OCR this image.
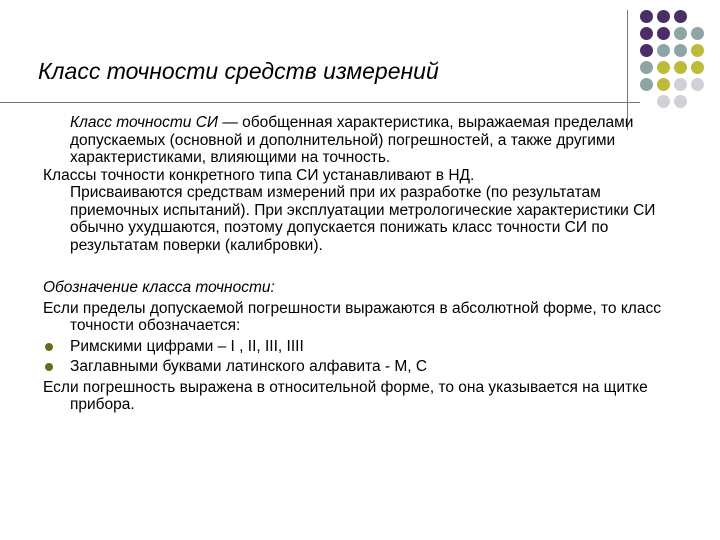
Класс точности средств измерений

Класс точности СИ — обобщенная характеристика, выражаемая пределами допускаемых (основной и дополнительной) погрешностей, а также другими характеристиками, влияющими на точность.

Классы точности конкретного типа СИ устанавливают в НД.

Присваиваются средствам измерений при их разработке (по результатам приемочных испытаний). При эксплуатации метрологические характеристики СИ обычно ухудшаются, поэтому допускается понижать класс точности СИ по результатам поверки (калибровки).

Обозначение класса точности:

Если пределы допускаемой погрешности выражаются в абсолютной форме, то класс точности обозначается:

Римскими цифрами – I , II, III, IIII
Заглавными буквами латинского алфавита - M, C

Если погрешность выражена в относительной форме, то она указывается на щитке прибора.
